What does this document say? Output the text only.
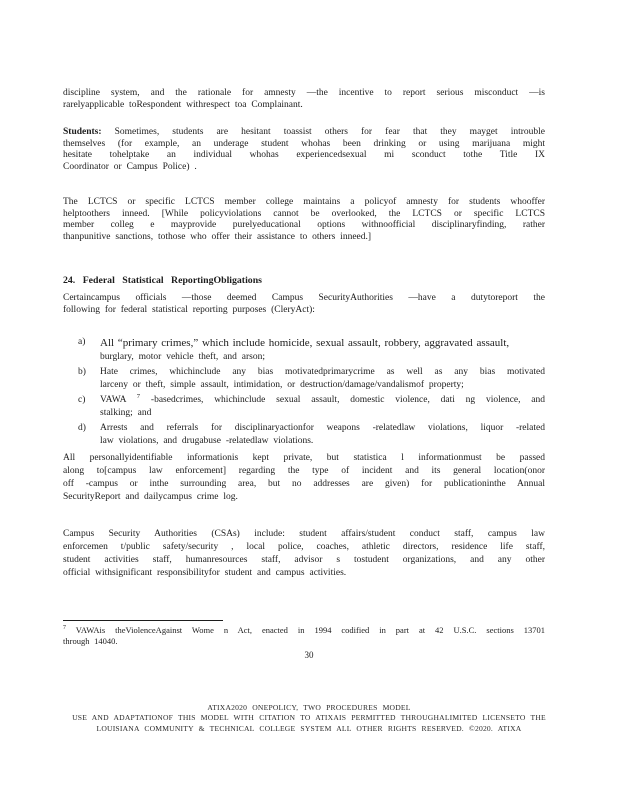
discipline system, and the rationale for amnesty —the incentive to report serious misconduct —is
rarelyapplicable toRespondent withrespect toa Complainant.
Students: Sometimes, students are hesitant toassist others for fear that they mayget introuble
themselves (for example, an underage student whohas been drinking or using marijuana might
hesitate tohelptake an individual whohas experiencedsexual mi sconduct tothe Title IX
Coordinator or Campus Police) .
The LCTCS or specific LCTCS member college maintains a policyof amnesty for students whooffer
helptoothers inneed. [While policyviolations cannot be overlooked, the LCTCS or specific LCTCS
member colleg e mayprovide purelyeducational options withnoofficial disciplinaryfinding, rather
thanpunitive sanctions, tothose who offer their assistance to others inneed.]
24. Federal Statistical ReportingObligations
Certaincampus officials —those deemed Campus SecurityAuthorities —have a dutytoreport the
following for federal statistical reporting purposes (CleryAct):
a) All “primary crimes,” which include homicide, sexual assault, robbery, aggravated assault,
burglary, motor vehicle theft, and arson;
b) Hate crimes, whichinclude any bias motivatedprimarycrime as well as any bias motivated
larceny or theft, simple assault, intimidation, or destruction/damage/vandalismof property;
c) VAWA $^7$ -basedcrimes, whichinclude sexual assault, domestic violence, dati ng violence, and
stalking; and
d) Arrests and referrals for disciplinaryactionfor weapons -relatedlaw violations, liquor -related
law violations, and drugabuse -relatedlaw violations.
All personallyidentifiable informationis kept private, but statistica l informationmust be passed
along to[campus law enforcement] regarding the type of incident and its general location(onor
off -campus or inthe surrounding area, but no addresses are given) for publicationinthe Annual
SecurityReport and dailycampus crime log.
Campus Security Authorities (CSAs) include: student affairs/student conduct staff, campus law
enforcemen t/public safety/security , local police, coaches, athletic directors, residence life staff,
student activities staff, humanresources staff, advisor s tostudent organizations, and any other
official withsignificant responsibilityfor student and campus activities.
$^7$ VAWAis theViolenceAgainst Wome n Act, enacted in 1994 codified in part at 42 U.S.C. sections 13701
through 14040.
30
ATIXA2020 ONEPOLICY, TWO PROCEDURES MODEL
USE AND ADAPTATIONOF THIS MODEL WITH CITATION TO ATIXAIS PERMITTED THROUGHALIMITED LICENSETO THE
LOUISIANA COMMUNITY & TECHNICAL COLLEGE SYSTEM ALL OTHER RIGHTS RESERVED. ©2020. ATIXA
